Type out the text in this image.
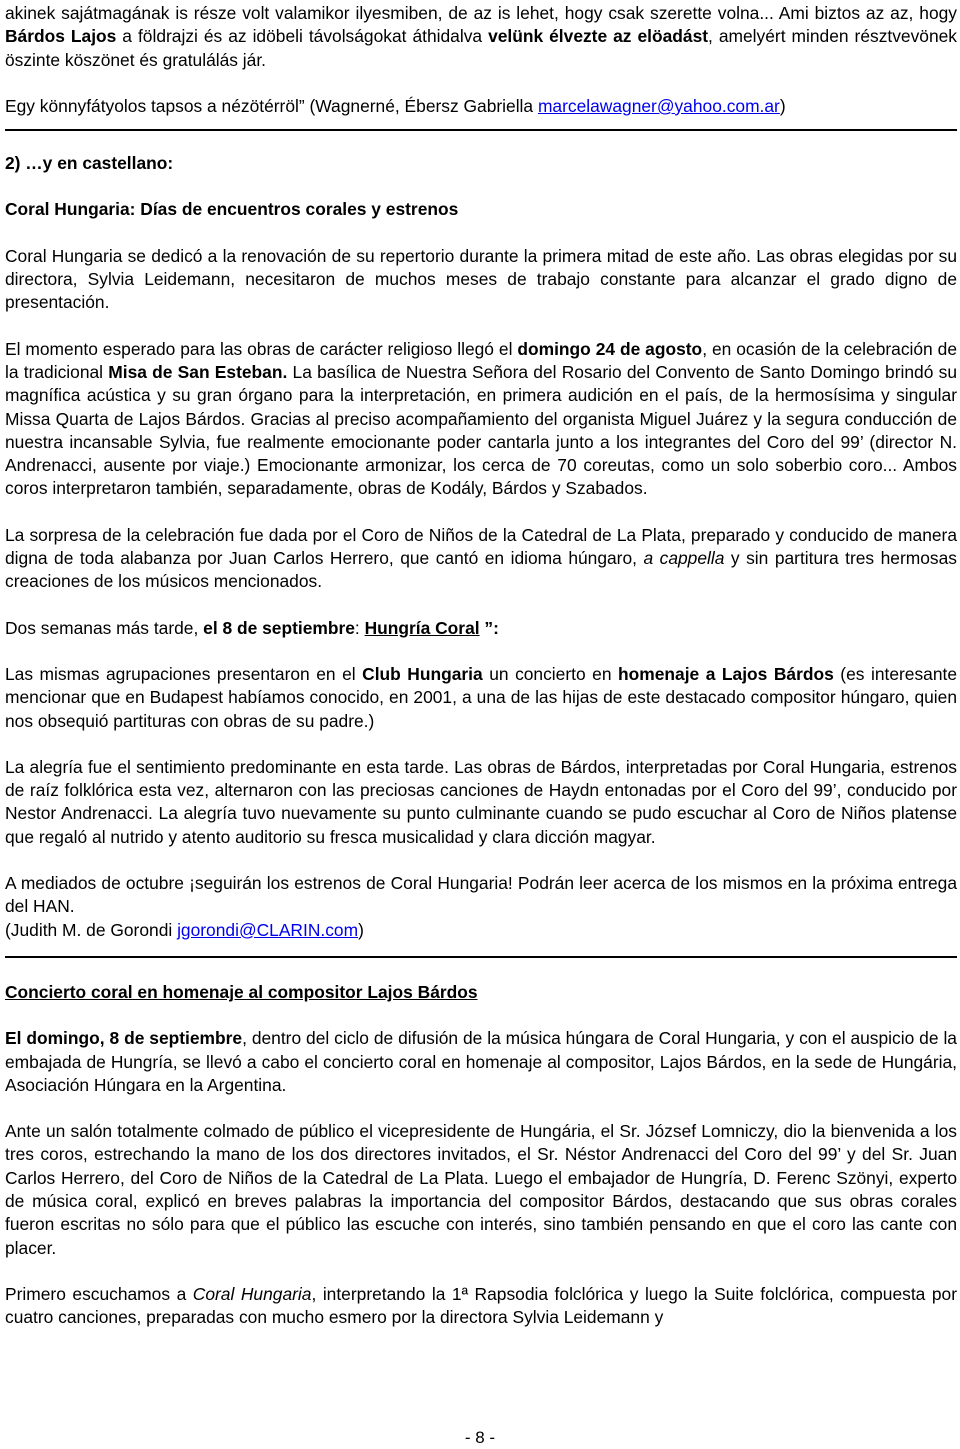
akinek sajátmagának is része volt valamikor ilyesmiben, de az is lehet, hogy csak szerette volna... Ami biztos az az, hogy Bárdos Lajos a földrajzi és az idöbeli távolságokat áthidalva velünk élvezte az elöadást, amelyért minden résztvevönek öszinte köszönet és gratulálás jár.

Egy könnyfátyolos tapsos a nézötérröl” (Wagnerné, Ébersz Gabriella marcelawagner@yahoo.com.ar)

2) …y en castellano:

Coral Hungaria: Días de encuentros corales y estrenos

Coral Hungaria se dedicó a la renovación de su repertorio durante la primera mitad de este año. Las obras elegidas por su directora, Sylvia Leidemann, necesitaron de muchos meses de trabajo constante para alcanzar el grado digno de presentación.

El momento esperado para las obras de carácter religioso llegó el domingo 24 de agosto, en ocasión de la celebración de la tradicional Misa de San Esteban. La basílica de Nuestra Señora del Rosario del Convento de Santo Domingo brindó su magnífica acústica y su gran órgano para la interpretación, en primera audición en el país, de la hermosísima y singular Missa Quarta de Lajos Bárdos. Gracias al preciso acompañamiento del organista Miguel Juárez y la segura conducción de nuestra incansable Sylvia, fue realmente emocionante poder cantarla junto a los integrantes del Coro del 99’ (director N. Andrenacci, ausente por viaje.) Emocionante armonizar, los cerca de 70 coreutas, como un solo soberbio coro... Ambos coros interpretaron también, separadamente, obras de Kodály, Bárdos y Szabados.

La sorpresa de la celebración fue dada por el Coro de Niños de la Catedral de La Plata, preparado y conducido de manera digna de toda alabanza por Juan Carlos Herrero, que cantó en idioma húngaro, a cappella y sin partitura tres hermosas creaciones de los músicos mencionados.

Dos semanas más tarde, el 8 de septiembre: Hungría Coral ”:

Las mismas agrupaciones presentaron en el Club Hungaria un concierto en homenaje a Lajos Bárdos (es interesante mencionar que en Budapest habíamos conocido, en 2001, a una de las hijas de este destacado compositor húngaro, quien nos obsequió partituras con obras de su padre.)

La alegría fue el sentimiento predominante en esta tarde. Las obras de Bárdos, interpretadas por Coral Hungaria, estrenos de raíz folklórica esta vez, alternaron con las preciosas canciones de Haydn entonadas por el Coro del 99’, conducido por Nestor Andrenacci. La alegría tuvo nuevamente su punto culminante cuando se pudo escuchar al Coro de Niños platense que regaló al nutrido y atento auditorio su fresca musicalidad y clara dicción magyar.

A mediados de octubre ¡seguirán los estrenos de Coral Hungaria! Podrán leer acerca de los mismos en la próxima entrega del HAN.

(Judith M. de Gorondi jgorondi@CLARIN.com)

Concierto coral en homenaje al compositor Lajos Bárdos

El domingo, 8 de septiembre, dentro del ciclo de difusión de la música húngara de Coral Hungaria, y con el auspicio de la embajada de Hungría, se llevó a cabo el concierto coral en homenaje al compositor, Lajos Bárdos, en la sede de Hungária, Asociación Húngara en la Argentina.

Ante un salón totalmente colmado de público el vicepresidente de Hungária, el Sr. József Lomniczy, dio la bienvenida a los tres coros, estrechando la mano de los dos directores invitados, el Sr. Néstor Andrenacci del Coro del 99’ y del Sr. Juan Carlos Herrero, del Coro de Niños de la Catedral de La Plata. Luego el embajador de Hungría, D. Ferenc Szönyi, experto de música coral, explicó en breves palabras la importancia del compositor Bárdos, destacando que sus obras corales fueron escritas no sólo para que el público las escuche con interés, sino también pensando en que el coro las cante con placer.

Primero escuchamos a Coral Hungaria, interpretando la 1ª Rapsodia folclórica y luego la Suite folclórica, compuesta por cuatro canciones, preparadas con mucho esmero por la directora Sylvia Leidemann y

- 8 -
